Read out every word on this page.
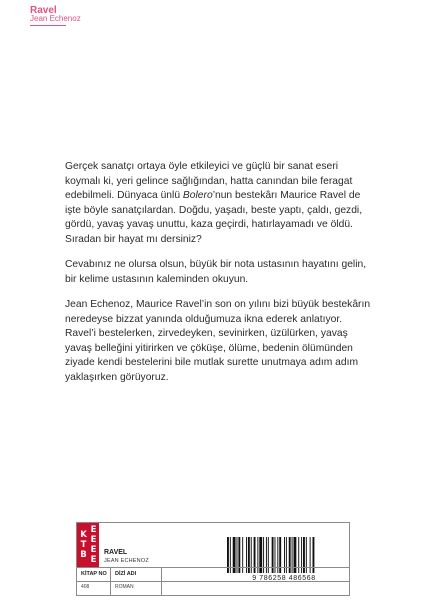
Ravel
Jean Echenoz

Gerçek sanatçı ortaya öyle etkileyici ve güçlü bir sanat eseri koymalı ki, yeri gelince sağlığından, hatta canından bile feragat edebilmeli. Dünyaca ünlü Bolero’nun bestekârı Maurice Ravel de işte böyle sanatçılardan. Doğdu, yaşadı, beste yaptı, çaldı, gezdi, gördü, yavaş yavaş unuttu, kaza geçirdi, hatırlayamadı ve öldü. Sıradan bir hayat mı dersiniz?

Cevabınız ne olursa olsun, büyük bir nota ustasının hayatını gelin, bir kelime ustasının kaleminden okuyun.

Jean Echenoz, Maurice Ravel’in son on yılını bizi büyük bestekârın neredeyse bizzat yanında olduğumuza ikna ederek anlatıyor. Ravel’i bestelerken, zirvedeyken, sevinirken, üzülürken, yavaş yavaş belleğini yitirirken ve çöküşe, ölüme, bedenin ölümünden ziyade kendi bestelerini bile mutlak surette unutmaya adım adım yaklaşırken görüyoruz.

K
T
B
E
E
E
E
RAVEL
JEAN ECHENOZ
9 786258 486568
KİTAP NO	DİZİ ADI
408	ROMAN
